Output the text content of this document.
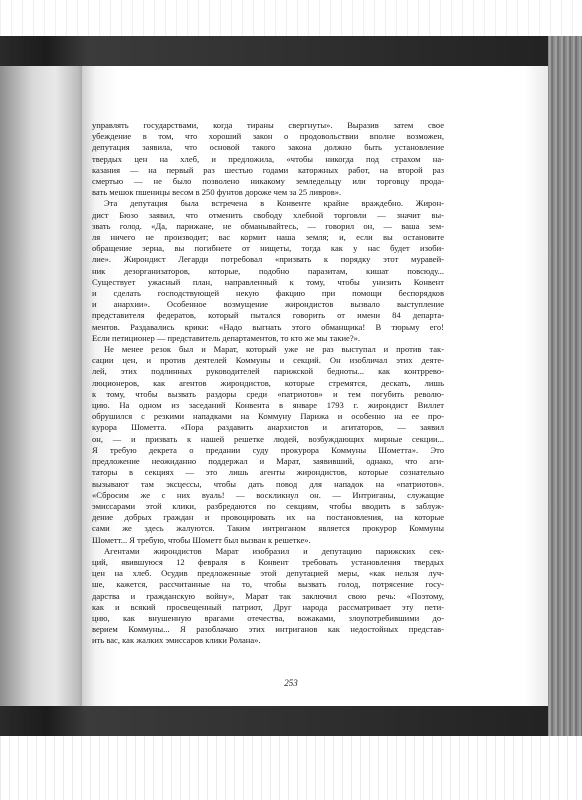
управлять государствами, когда тираны свергнуты». Выразив затем свое
убеждение в том, что хороший закон о продовольствии вполне возможен,
депутация заявила, что основой такого закона должно быть установление
твердых цен на хлеб, и предложила, «чтобы никогда под страхом на-
казания — на первый раз шестью годами каторжных работ, на второй раз
смертью — не было позволено никакому земледельцу или торговцу прода-
вать мешок пшеницы весом в 250 фунтов дороже чем за 25 ливров».
Эта депутация была встречена в Конвенте крайне враждебно. Жирон-
дист Бюзо заявил, что отменить свободу хлебной торговли — значит вы-
звать голод. «Да, парижане, не обманывайтесь, — говорил он, — ваша зем-
ля ничего не производит; вас кормит наша земля; и, если вы остановите
обращение зерна, вы погибнете от нищеты, тогда как у нас будет изоби-
лие». Жирондист Легарди потребовал «призвать к порядку этот муравей-
ник дезорганизаторов, которые, подобно паразитам, кишат повсюду...
Существует ужасный план, направленный к тому, чтобы унизить Конвент
и сделать господствующей некую факцию при помощи беспорядков
и анархии». Особенное возмущение жирондистов вызвало выступление
представителя федератов, который пытался говорить от имени 84 департа-
ментов. Раздавались крики: «Надо выгнать этого обманщика! В тюрьму его!
Если петиционер — представитель департаментов, то кто же мы такие?».
Не менее резок был и Марат, который уже не раз выступал и против так-
сации цен, и против деятелей Коммуны и секций. Он изобличал этих деяте-
лей, этих подлинных руководителей парижской бедноты... как контррево-
люционеров, как агентов жирондистов, которые стремятся, дескать, лишь
к тому, чтобы вызвать раздоры среди «патриотов» и тем погубить револю-
цию. На одном из заседаний Конвента в январе 1793 г. жирондист Виллет
обрушился с резкими нападками на Коммуну Парижа и особенно на ее про-
курора Шометта. «Пора раздавить анархистов и агитаторов, — заявил
он, — и призвать к нашей решетке людей, возбуждающих мирные секции...
Я требую декрета о предании суду прокурора Коммуны Шометта». Это
предложение неожиданно поддержал и Марат, заявивший, однако, что аги-
таторы в секциях — это лишь агенты жирондистов, которые сознательно
вызывают там эксцессы, чтобы дать повод для нападок на «патриотов».
«Сбросим же с них вуаль! — воскликнул он. — Интриганы, служащие
эмиссарами этой клики, разбредаются по секциям, чтобы вводить в заблуж-
дение добрых граждан и провоцировать их на постановления, на которые
сами же здесь жалуются. Таким интриганом является прокурор Коммуны
Шометт... Я требую, чтобы Шометт был вызван к решетке».
Агентами жирондистов Марат изобразил и депутацию парижских сек-
ций, явившуюся 12 февраля в Конвент требовать установления твердых
цен на хлеб. Осудив предложенные этой депутацией меры, «как нельзя луч-
ше, кажется, рассчитанные на то, чтобы вызвать голод, потрясение госу-
дарства и гражданскую войну», Марат так заключил свою речь: «Поэтому,
как и всякий просвещенный патриот, Друг народа рассматривает эту пети-
цию, как внушенную врагами отечества, вожаками, злоупотребившими до-
верием Коммуны... Я разоблачаю этих интриганов как недостойных представ-
ить вас, как жалких эмиссаров клики Ролана».
253
